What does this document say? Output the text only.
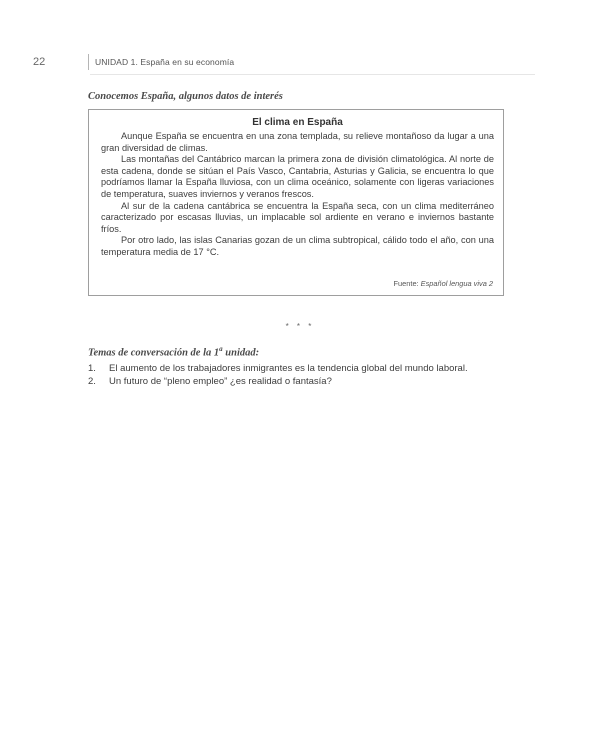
22	UNIDAD 1. España en su economía
Conocemos España, algunos datos de interés
El clima en España

Aunque España se encuentra en una zona templada, su relieve montañoso da lugar a una gran diversidad de climas.

Las montañas del Cantábrico marcan la primera zona de división climatológica. Al norte de esta cadena, donde se sitúan el País Vasco, Cantabria, Asturias y Galicia, se encuentra lo que podríamos llamar la España lluviosa, con un clima oceánico, solamente con ligeras variaciones de temperatura, suaves inviernos y veranos frescos.

Al sur de la cadena cantábrica se encuentra la España seca, con un clima mediterráneo caracterizado por escasas lluvias, un implacable sol ardiente en verano e inviernos bastante fríos.

Por otro lado, las islas Canarias gozan de un clima subtropical, cálido todo el año, con una temperatura media de 17 °C.

Fuente: Español lengua viva 2
* * *
Temas de conversación de la 1$^a$ unidad:
1. El aumento de los trabajadores inmigrantes es la tendencia global del mundo laboral.
2. Un futuro de “pleno empleo” ¿es realidad o fantasía?
